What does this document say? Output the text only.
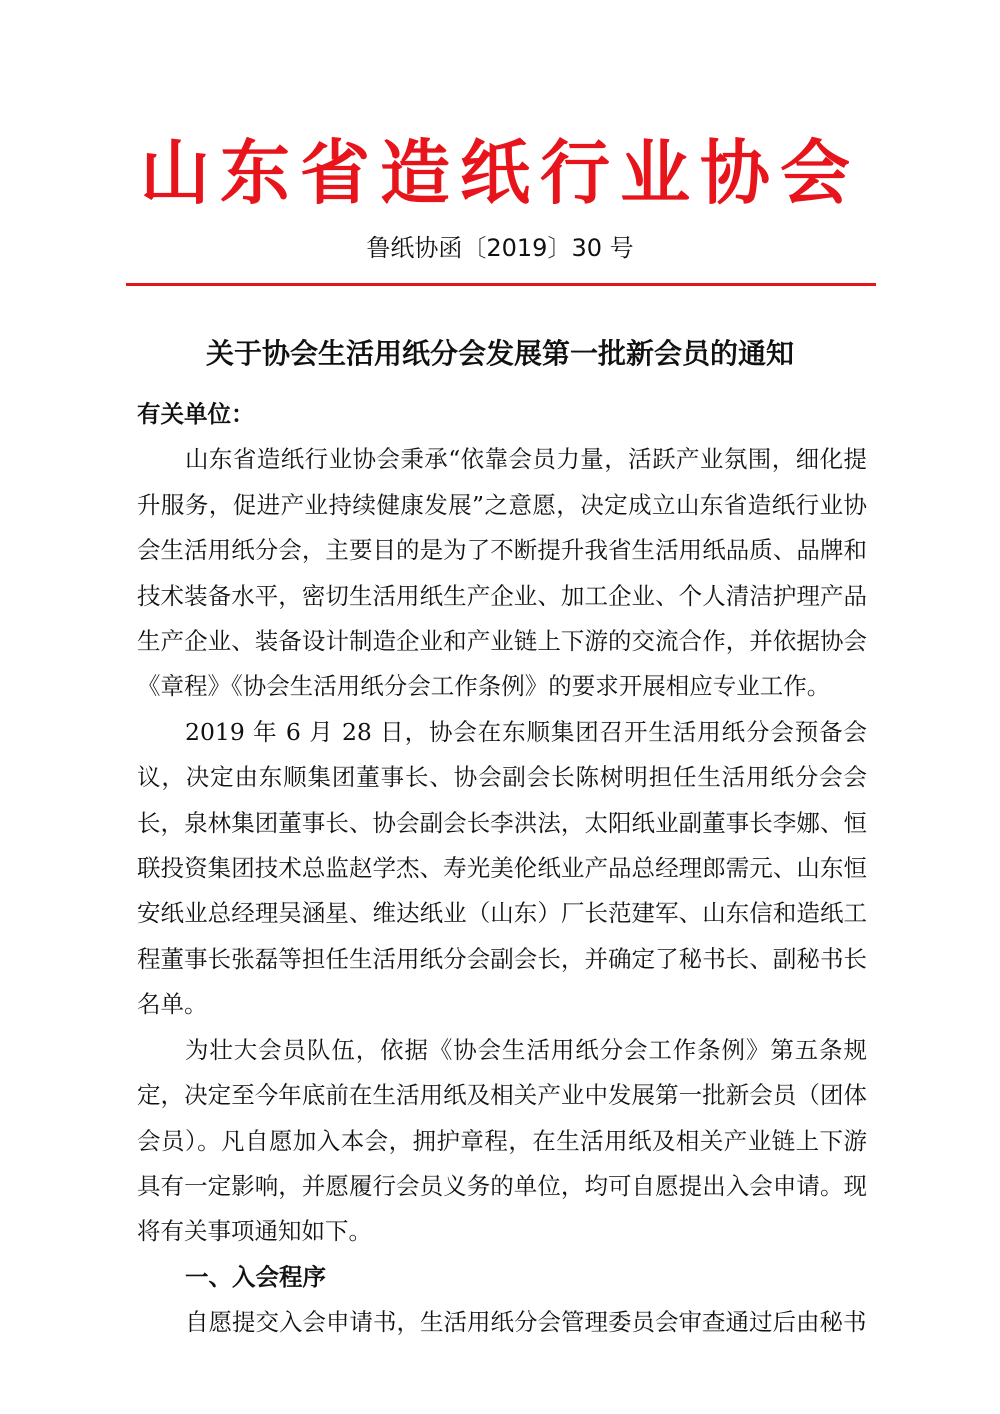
山东省造纸行业协会
鲁纸协函〔2019〕30 号
关于协会生活用纸分会发展第一批新会员的通知

有关单位：

山东省造纸行业协会秉承“依靠会员力量，活跃产业氛围，细化提升服务，促进产业持续健康发展”之意愿，决定成立山东省造纸行业协会生活用纸分会，主要目的是为了不断提升我省生活用纸品质、品牌和技术装备水平，密切生活用纸生产企业、加工企业、个人清洁护理产品生产企业、装备设计制造企业和产业链上下游的交流合作，并依据协会《章程》《协会生活用纸分会工作条例》的要求开展相应专业工作。

2019 年 6 月 28 日，协会在东顺集团召开生活用纸分会预备会议，决定由东顺集团董事长、协会副会长陈树明担任生活用纸分会会长，泉林集团董事长、协会副会长李洪法，太阳纸业副董事长李娜、恒联投资集团技术总监赵学杰、寿光美伦纸业产品总经理郎需元、山东恒安纸业总经理吴涵星、维达纸业（山东）厂长范建军、山东信和造纸工程董事长张磊等担任生活用纸分会副会长，并确定了秘书长、副秘书长名单。

为壮大会员队伍，依据《协会生活用纸分会工作条例》第五条规定，决定至今年底前在生活用纸及相关产业中发展第一批新会员（团体会员）。凡自愿加入本会，拥护章程，在生活用纸及相关产业链上下游具有一定影响，并愿履行会员义务的单位，均可自愿提出入会申请。现将有关事项通知如下。

一、入会程序

自愿提交入会申请书，生活用纸分会管理委员会审查通过后由秘书
